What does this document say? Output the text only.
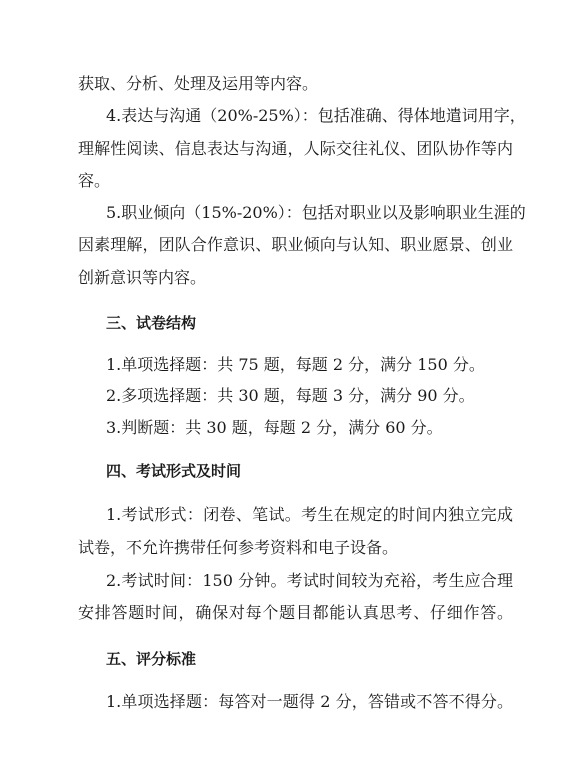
获取、分析、处理及运用等内容。
4.表达与沟通（20%-25%）：包括准确、得体地遣词用字，
理解性阅读、信息表达与沟通，人际交往礼仪、团队协作等内
容。
5.职业倾向（15%-20%）：包括对职业以及影响职业生涯的
因素理解，团队合作意识、职业倾向与认知、职业愿景、创业
创新意识等内容。
三、试卷结构
1.单项选择题：共 75 题，每题 2 分，满分 150 分。
2.多项选择题：共 30 题，每题 3 分，满分 90 分。
3.判断题：共 30 题，每题 2 分，满分 60 分。
四、考试形式及时间
1.考试形式：闭卷、笔试。考生在规定的时间内独立完成
试卷，不允许携带任何参考资料和电子设备。
2.考试时间：150 分钟。考试时间较为充裕，考生应合理
安排答题时间，确保对每个题目都能认真思考、仔细作答。
五、评分标准
1.单项选择题：每答对一题得 2 分，答错或不答不得分。
